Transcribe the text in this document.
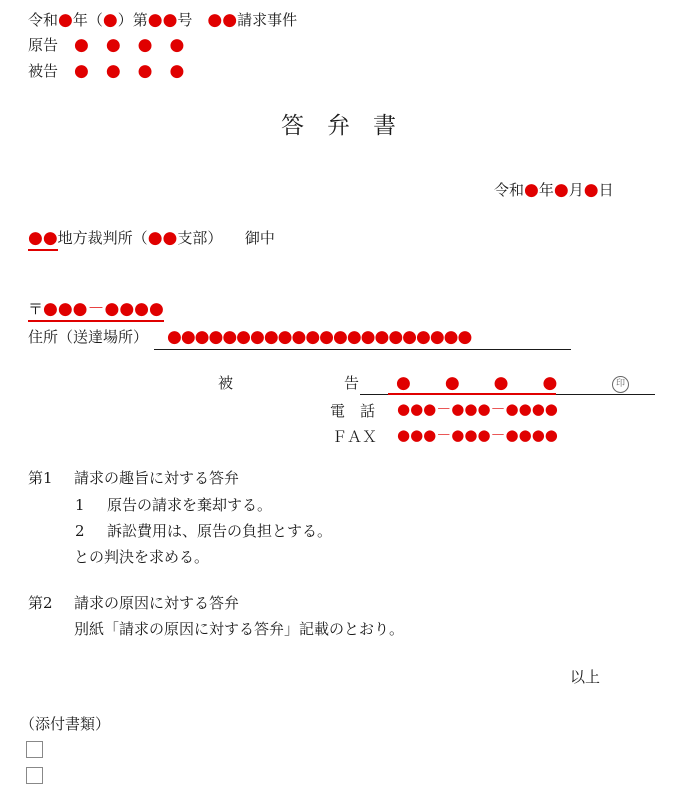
令和●年（●）第●●号　●●請求事件
原告 ●　●　●　●
被告 ●　●　●　●
答　弁　書
令和●年●月●日
●●地方裁判所（●●支部）　　御中
〒●●●－●●●●
住所（送達場所） ●●●●●●●●●●●●●●●●●●●●●●
被	告 ●　　●　　●　　●	印
電　話 ●●●－●●●－●●●●
ＦＡＸ ●●●－●●●－●●●●
第1 請求の趣旨に対する答弁
1 原告の請求を棄却する。
2 訴訟費用は、原告の負担とする。
との判決を求める。
第2 請求の原因に対する答弁
別紙「請求の原因に対する答弁」記載のとおり。
以上
（添付書類）
